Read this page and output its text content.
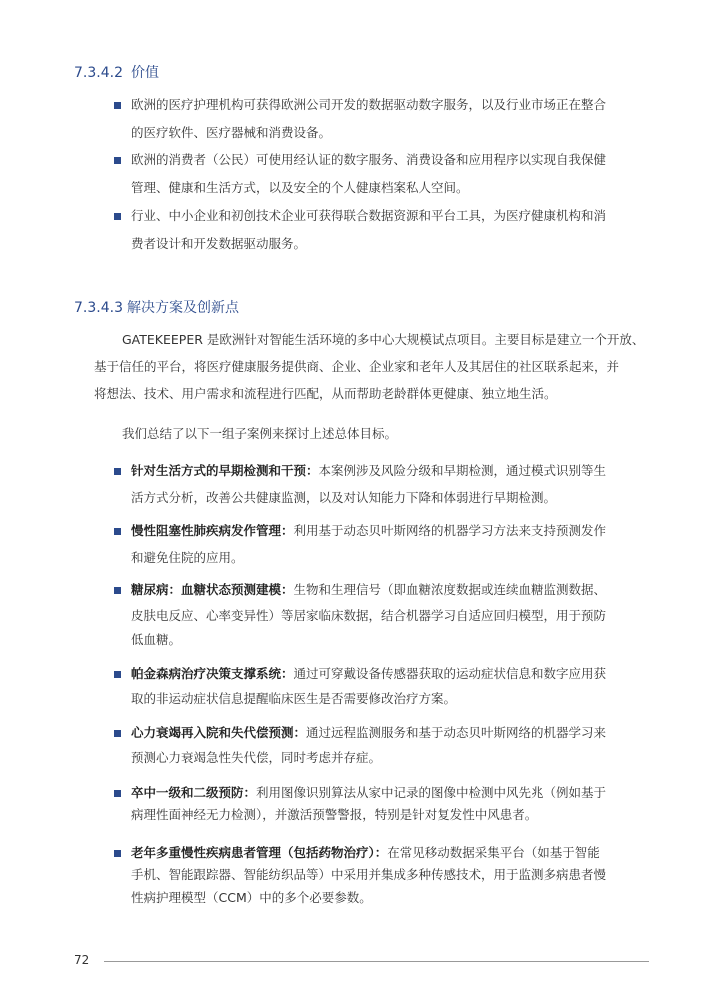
7.3.4.2 价值
欧洲的医疗护理机构可获得欧洲公司开发的数据驱动数字服务，以及行业市场正在整合
的医疗软件、医疗器械和消费设备。
欧洲的消费者（公民）可使用经认证的数字服务、消费设备和应用程序以实现自我保健
管理、健康和生活方式，以及安全的个人健康档案私人空间。
行业、中小企业和初创技术企业可获得联合数据资源和平台工具，为医疗健康机构和消
费者设计和开发数据驱动服务。
7.3.4.3 解决方案及创新点
GATEKEEPER 是欧洲针对智能生活环境的多中心大规模试点项目。主要目标是建立一个开放、
基于信任的平台，将医疗健康服务提供商、企业、企业家和老年人及其居住的社区联系起来，并
将想法、技术、用户需求和流程进行匹配，从而帮助老龄群体更健康、独立地生活。
我们总结了以下一组子案例来探讨上述总体目标。
针对生活方式的早期检测和干预：本案例涉及风险分级和早期检测，通过模式识别等生
活方式分析，改善公共健康监测，以及对认知能力下降和体弱进行早期检测。
慢性阻塞性肺疾病发作管理：利用基于动态贝叶斯网络的机器学习方法来支持预测发作
和避免住院的应用。
糖尿病：血糖状态预测建模：生物和生理信号（即血糖浓度数据或连续血糖监测数据、
皮肤电反应、心率变异性）等居家临床数据，结合机器学习自适应回归模型，用于预防
低血糖。
帕金森病治疗决策支撑系统：通过可穿戴设备传感器获取的运动症状信息和数字应用获
取的非运动症状信息提醒临床医生是否需要修改治疗方案。
心力衰竭再入院和失代偿预测：通过远程监测服务和基于动态贝叶斯网络的机器学习来
预测心力衰竭急性失代偿，同时考虑并存症。
卒中一级和二级预防：利用图像识别算法从家中记录的图像中检测中风先兆（例如基于
病理性面神经无力检测），并激活预警警报，特别是针对复发性中风患者。
老年多重慢性疾病患者管理（包括药物治疗）：在常见移动数据采集平台（如基于智能
手机、智能跟踪器、智能纺织品等）中采用并集成多种传感技术，用于监测多病患者慢
性病护理模型（CCM）中的多个必要参数。
72
